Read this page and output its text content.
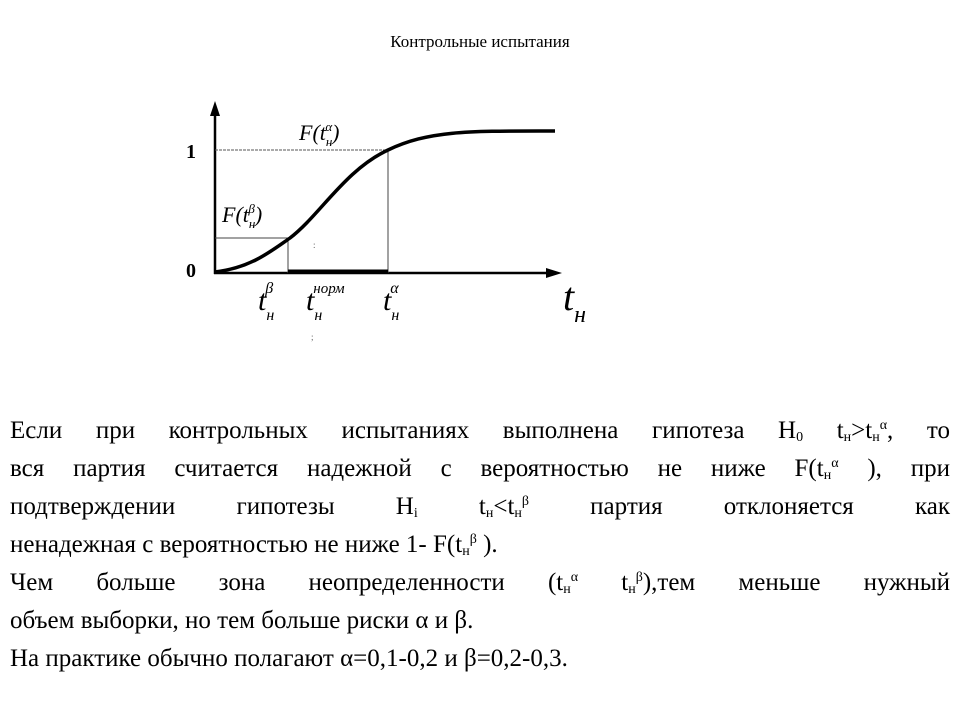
Контрольные испытания
1
0
$F(t_н\alpha)$
$F(t_н\beta)$
$t_н\beta$ $t_ннорм$ $t_н\alpha$	$t_н$
:
;
Если при контрольных испытаниях выполнена гипотеза $H_0$ $t_н>t_н^\alpha$, то
вся партия считается надежной с вероятностью не ниже $F(t_н^\alpha$ ), при
подтверждении гипотезы $H_i$ $t_н<t_н^\beta$ партия отклоняется как
ненадежная с вероятностью не ниже 1- $F(t_н^\beta$ ).
Чем больше зона неопределенности ($t_н^\alpha$ $t_н^\beta),тем$ меньше нужный
объем выборки, но тем больше риски α и β.
На практике обычно полагают α=0,1-0,2 и β=0,2-0,3.
